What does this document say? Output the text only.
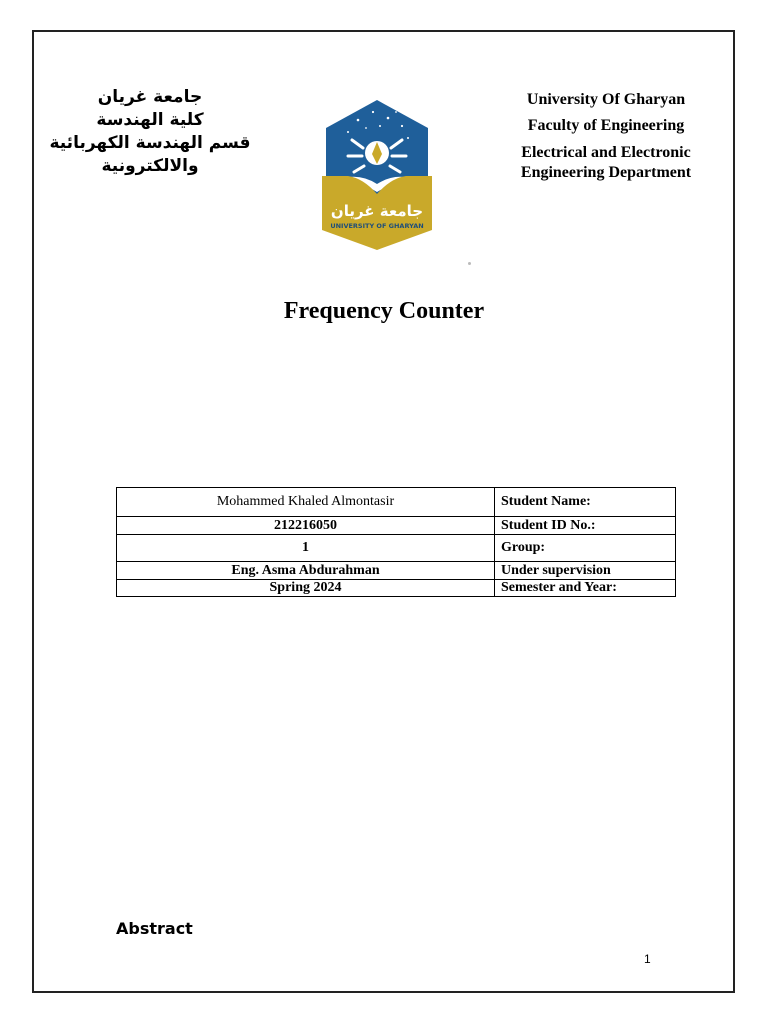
جامعة غريان
كلية الهندسة
قسم الهندسة الكهربائية
والالكترونية
جامعة غريان
UNIVERSITY OF GHARYAN
University Of Gharyan
Faculty of Engineering
Electrical and Electronic
Engineering Department
Frequency Counter
Mohammed Khaled Almontasir	Student Name:
212216050	Student ID No.:
1	Group:
Eng. Asma Abdurahman	Under supervision
Spring 2024	Semester and Year:
Abstract
1
